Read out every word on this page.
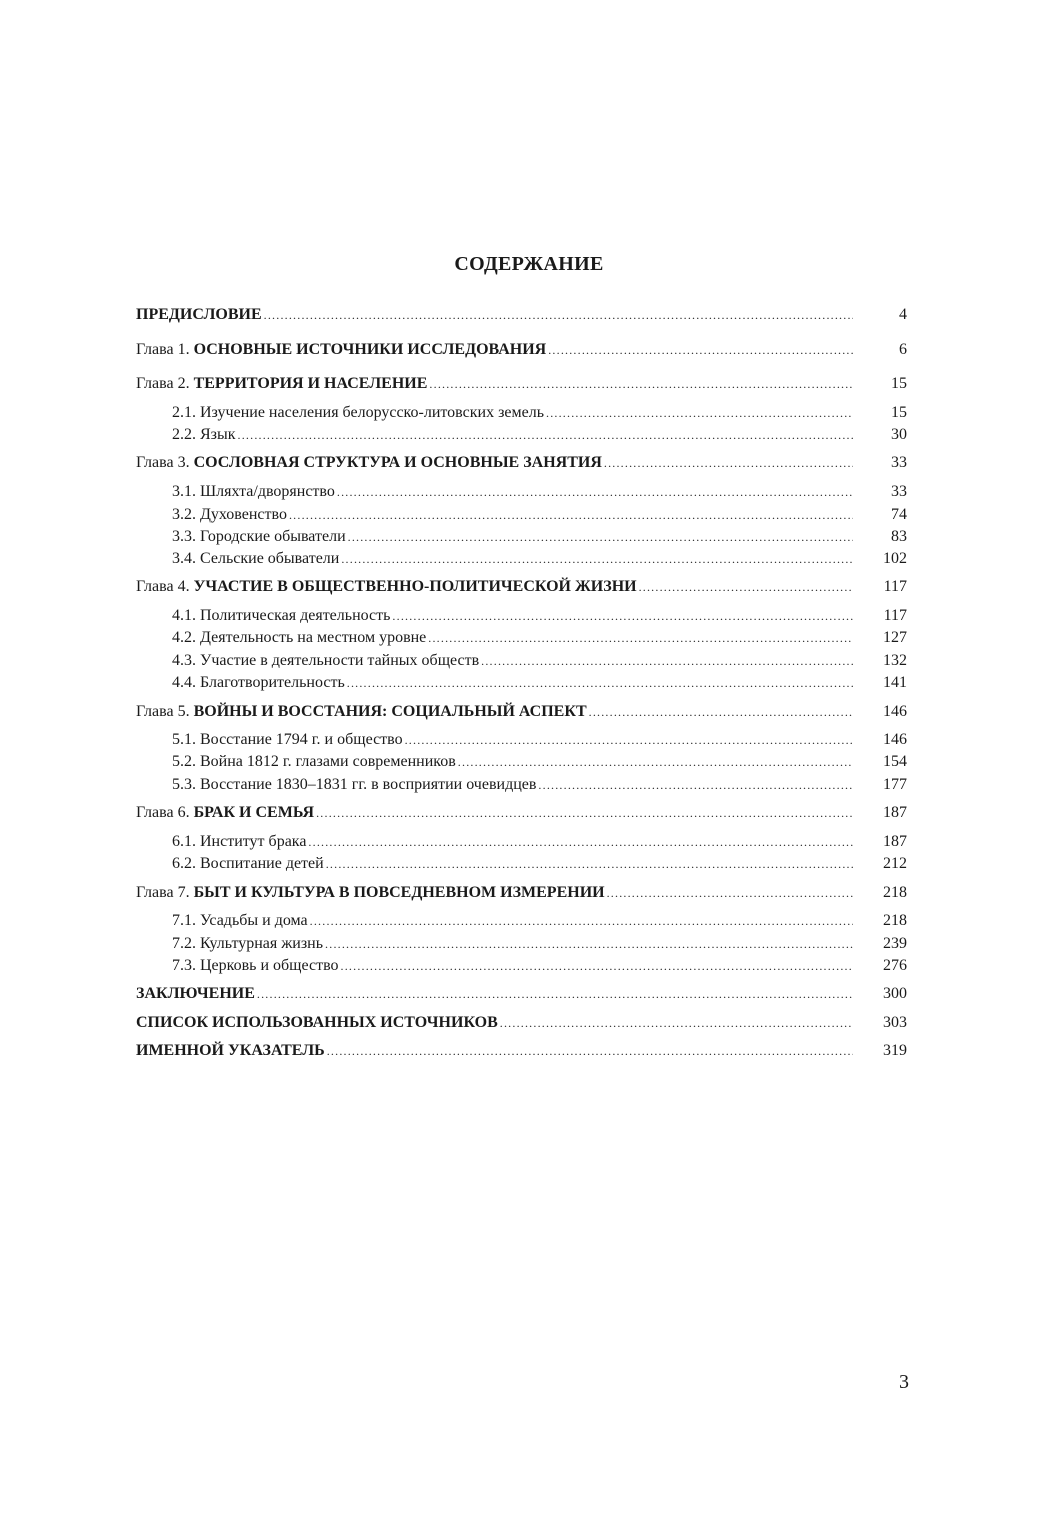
СОДЕРЖАНИЕ
ПРЕДИСЛОВИЕ .....	4
Глава 1. ОСНОВНЫЕ ИСТОЧНИКИ ИССЛЕДОВАНИЯ .....	6
Глава 2. ТЕРРИТОРИЯ И НАСЕЛЕНИЕ .....	15
2.1. Изучение населения белорусско-литовских земель .....	15
2.2. Язык .....	30
Глава 3. СОСЛОВНАЯ СТРУКТУРА И ОСНОВНЫЕ ЗАНЯТИЯ .....	33
3.1. Шляхта/дворянство .....	33
3.2. Духовенство .....	74
3.3. Городские обыватели .....	83
3.4. Сельские обыватели .....	102
Глава 4. УЧАСТИЕ В ОБЩЕСТВЕННО-ПОЛИТИЧЕСКОЙ ЖИЗНИ .....	117
4.1. Политическая деятельность .....	117
4.2. Деятельность на местном уровне .....	127
4.3. Участие в деятельности тайных обществ .....	132
4.4. Благотворительность .....	141
Глава 5. ВОЙНЫ И ВОССТАНИЯ: СОЦИАЛЬНЫЙ АСПЕКТ .....	146
5.1. Восстание 1794 г. и общество .....	146
5.2. Война 1812 г. глазами современников .....	154
5.3. Восстание 1830–1831 гг. в восприятии очевидцев .....	177
Глава 6. БРАК И СЕМЬЯ .....	187
6.1. Институт брака .....	187
6.2. Воспитание детей .....	212
Глава 7. БЫТ И КУЛЬТУРА В ПОВСЕДНЕВНОМ ИЗМЕРЕНИИ .....	218
7.1. Усадьбы и дома .....	218
7.2. Культурная жизнь .....	239
7.3. Церковь и общество .....	276
ЗАКЛЮЧЕНИЕ .....	300
СПИСОК ИСПОЛЬЗОВАННЫХ ИСТОЧНИКОВ .....	303
ИМЕННОЙ УКАЗАТЕЛЬ .....	319
3
